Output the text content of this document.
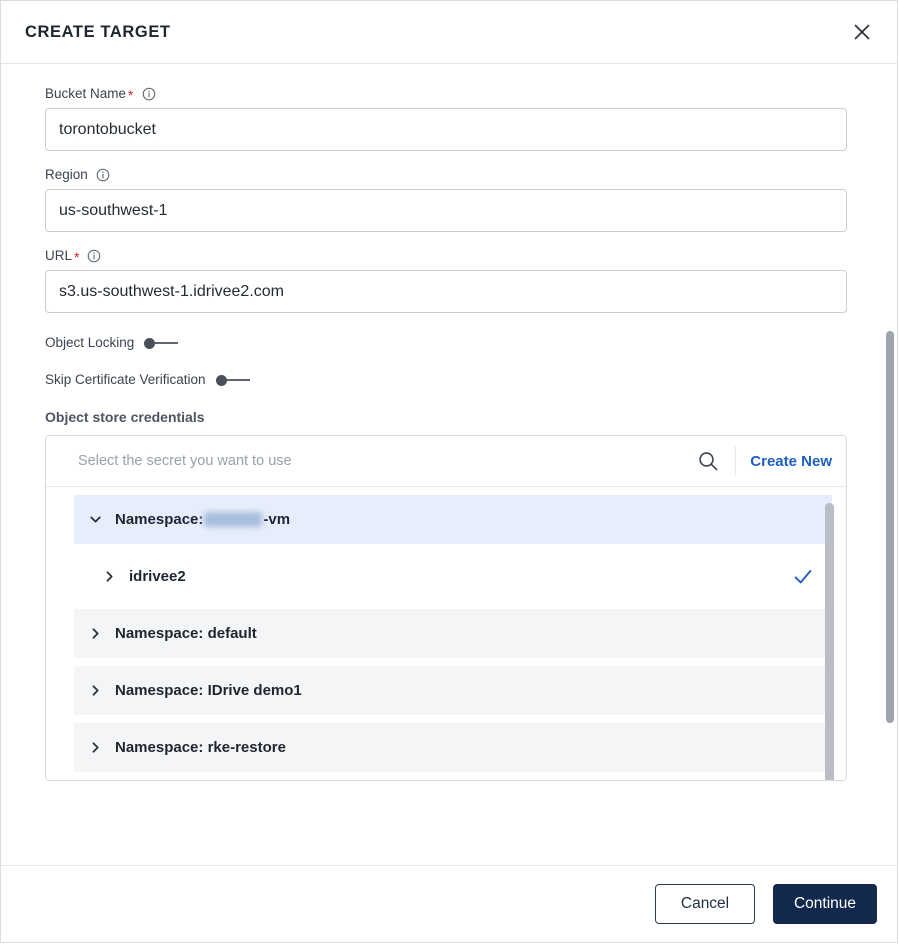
CREATE TARGET
Bucket Name *
torontobucket
Region
us-southwest-1
URL *
s3.us-southwest-1.idrivee2.com
Object Locking
Skip Certificate Verification
Object store credentials
Select the secret you want to use
Create New
Namespace:	-vm
idrivee2
Namespace:
default
Namespace:
IDrive demo1
Namespace:
rke-restore
Cancel	Continue
